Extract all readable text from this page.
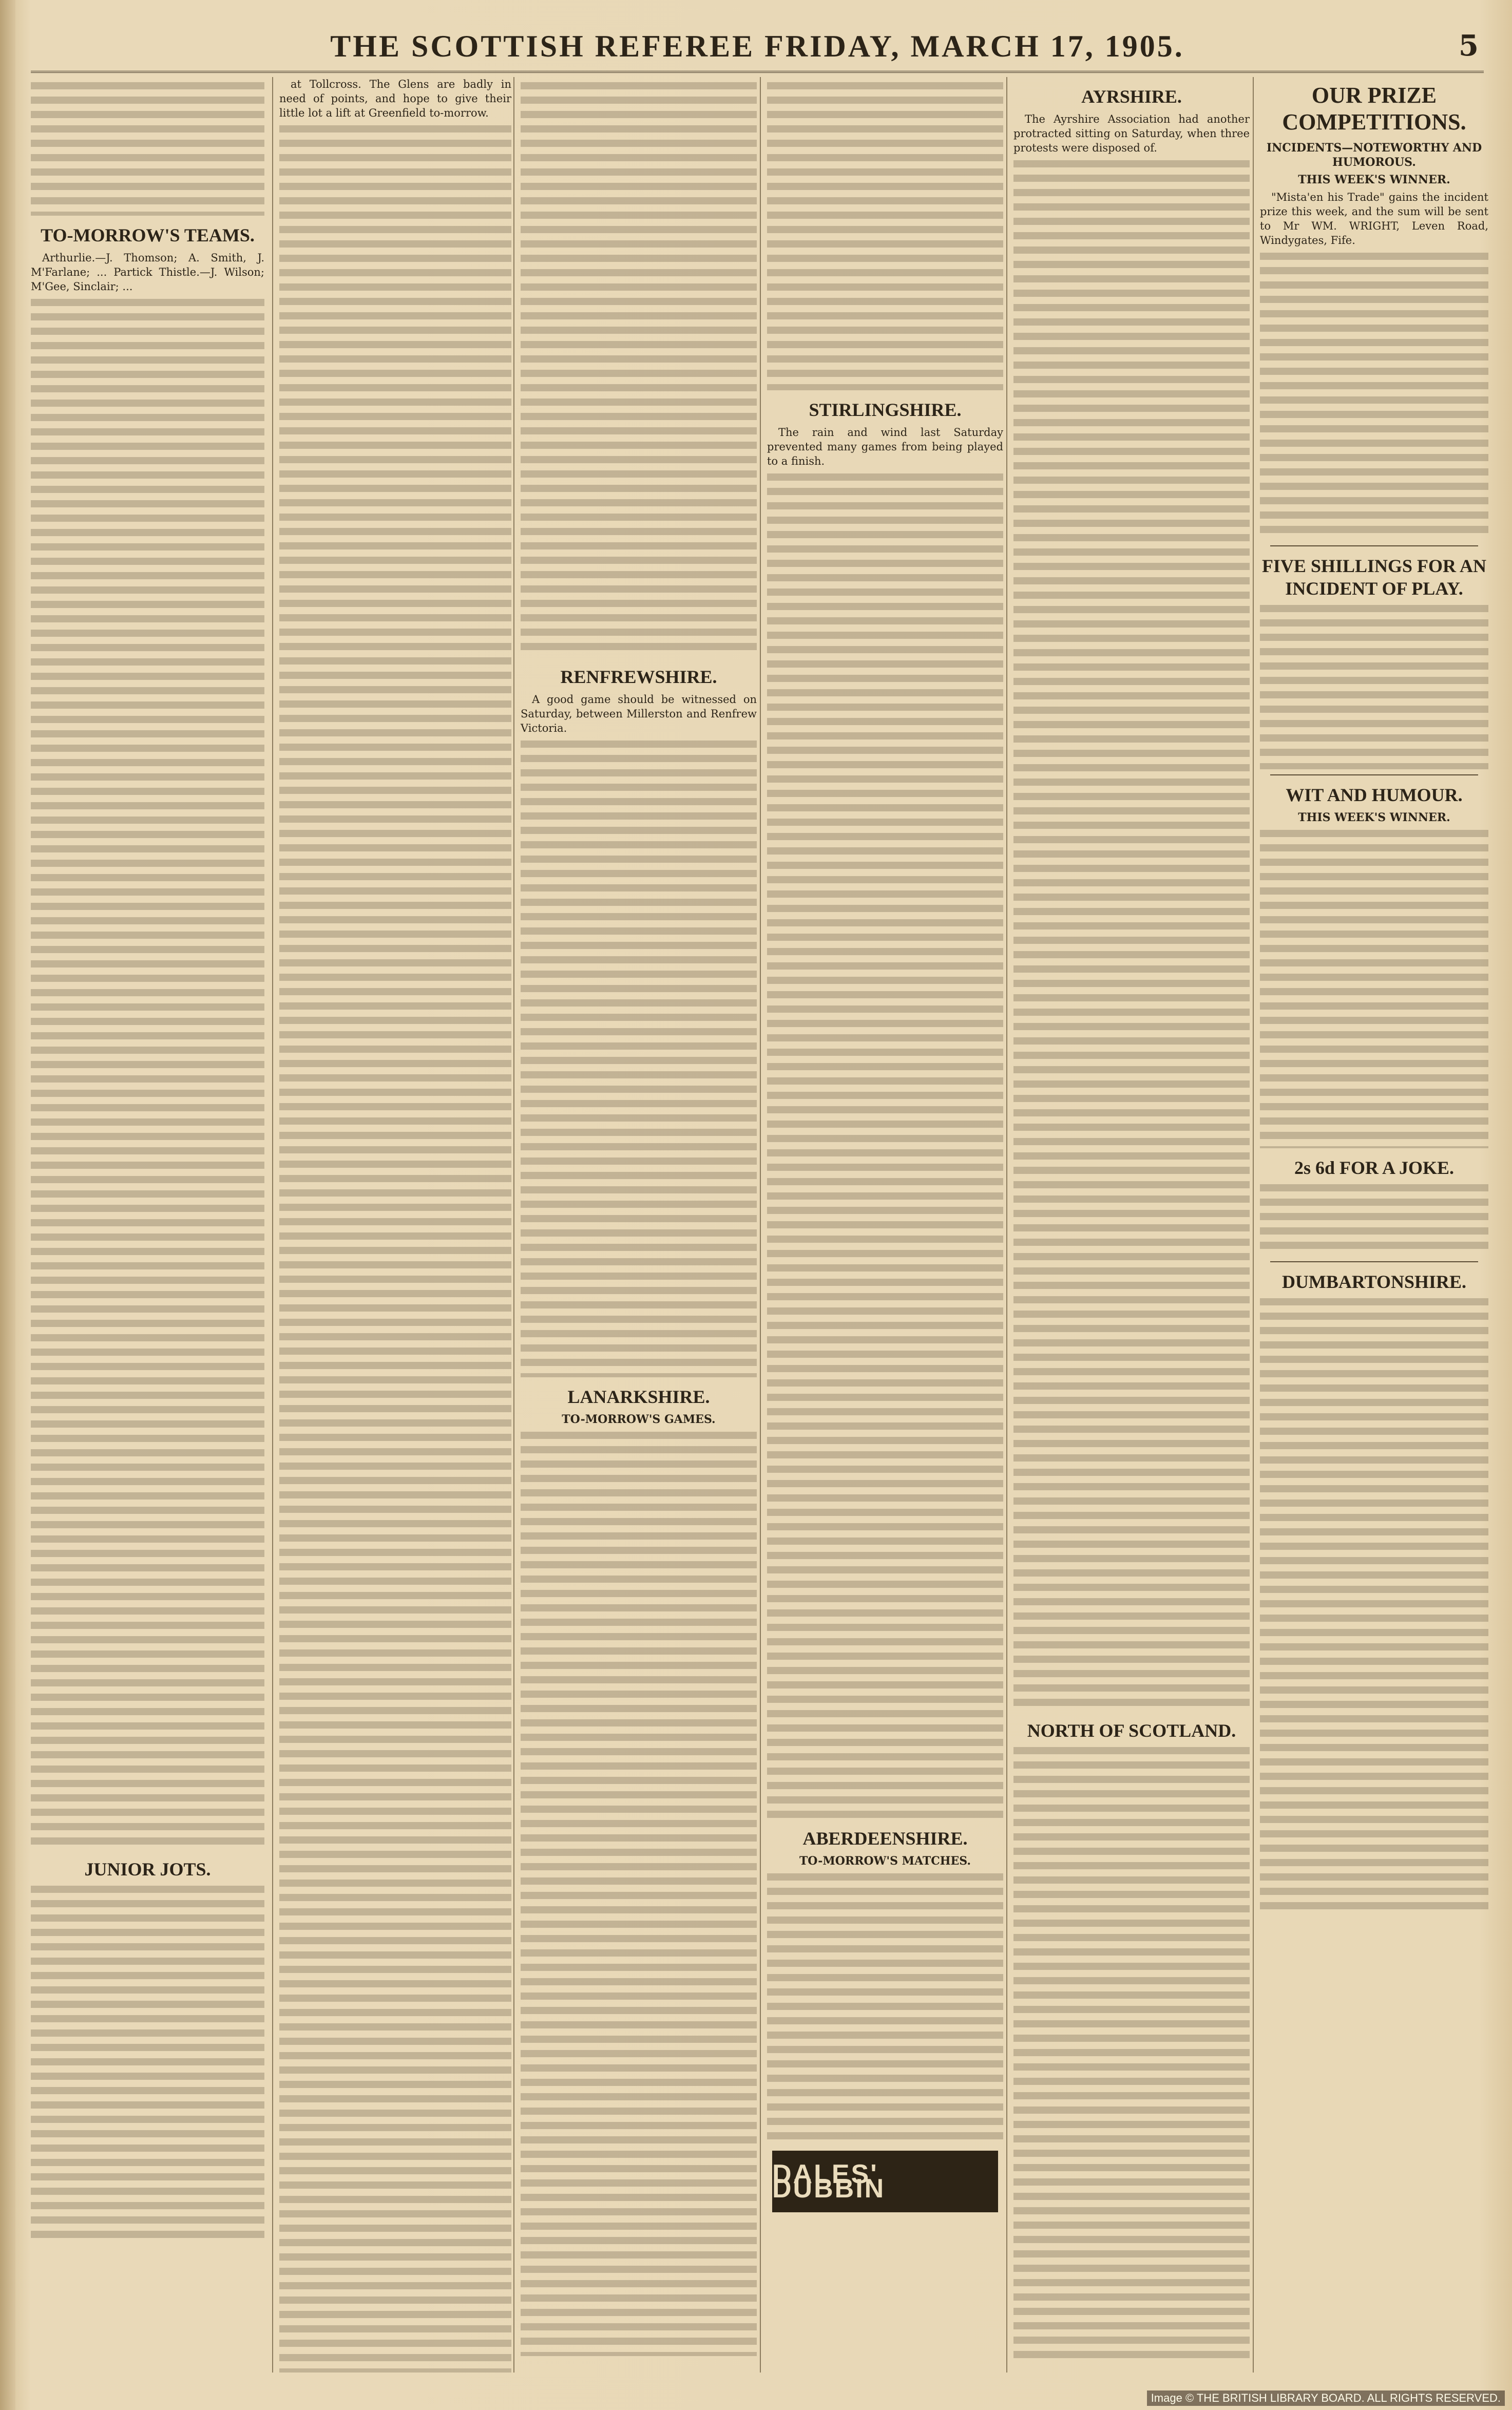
THE SCOTTISH REFEREE FRIDAY, MARCH 17, 1905.	5
TO-MORROW'S TEAMS.

Arthurlie.—J. Thomson; A. Smith, J. M'Farlane; ... Partick Thistle.—J. Wilson; M'Gee, Sinclair; ...

JUNIOR JOTS.

at Tollcross. The Glens are badly in need of points, and hope to give their little lot a lift at Greenfield to-morrow.

RENFREWSHIRE.

A good game should be witnessed on Saturday, between Millerston and Renfrew Victoria.

LANARKSHIRE.
TO-MORROW'S GAMES.
STIRLINGSHIRE.

The rain and wind last Saturday prevented many games from being played to a finish.

ABERDEENSHIRE.
TO-MORROW'S MATCHES.
DALES' DUBBIN
AYRSHIRE.

The Ayrshire Association had another protracted sitting on Saturday, when three protests were disposed of.

NORTH OF SCOTLAND.
OUR PRIZE COMPETITIONS.
INCIDENTS—NOTEWORTHY AND HUMOROUS.
THIS WEEK'S WINNER.

"Mista'en his Trade" gains the incident prize this week, and the sum will be sent to Mr WM. WRIGHT, Leven Road, Windygates, Fife.

FIVE SHILLINGS FOR AN INCIDENT OF PLAY.
WIT AND HUMOUR.
THIS WEEK'S WINNER.
2s 6d FOR A JOKE.
DUMBARTONSHIRE.
Image © THE BRITISH LIBRARY BOARD. ALL RIGHTS RESERVED.
